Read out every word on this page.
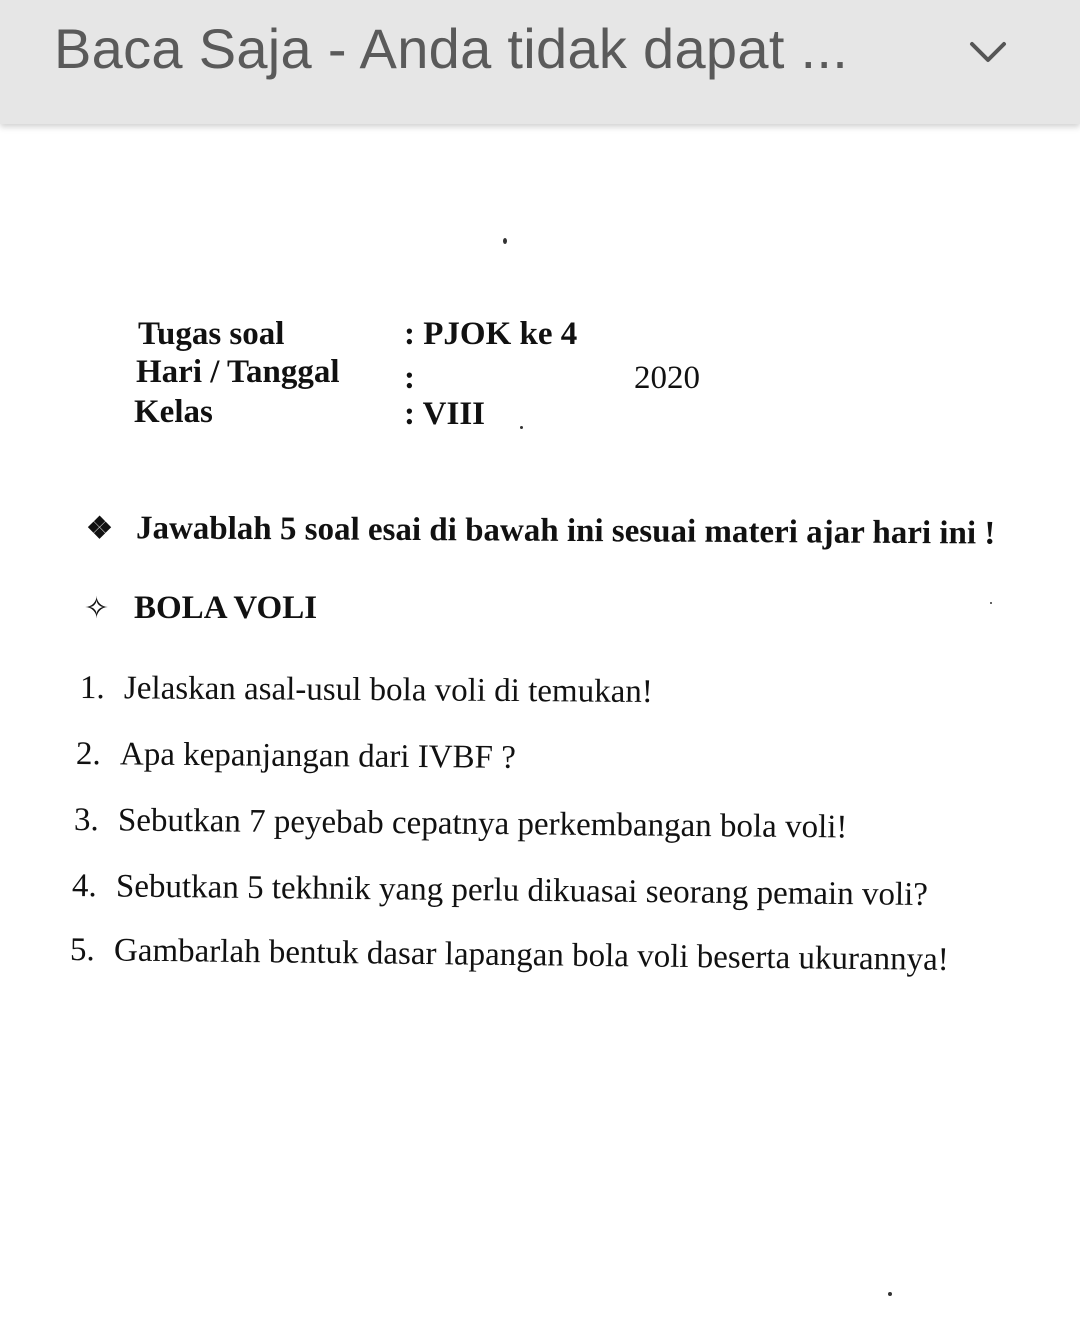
Baca Saja - Anda tidak dapat ...
Tugas soal	: PJOK ke 4
Hari / Tanggal :	2020
Kelas	: VIII
❖ Jawablah 5 soal esai di bawah ini sesuai materi ajar hari ini !
✧ BOLA VOLI
1. Jelaskan asal-usul bola voli di temukan!
2. Apa kepanjangan dari IVBF ?
3. Sebutkan 7 peyebab cepatnya perkembangan bola voli!
4. Sebutkan 5 tekhnik yang perlu dikuasai seorang pemain voli?
5. Gambarlah bentuk dasar lapangan bola voli beserta ukurannya!
